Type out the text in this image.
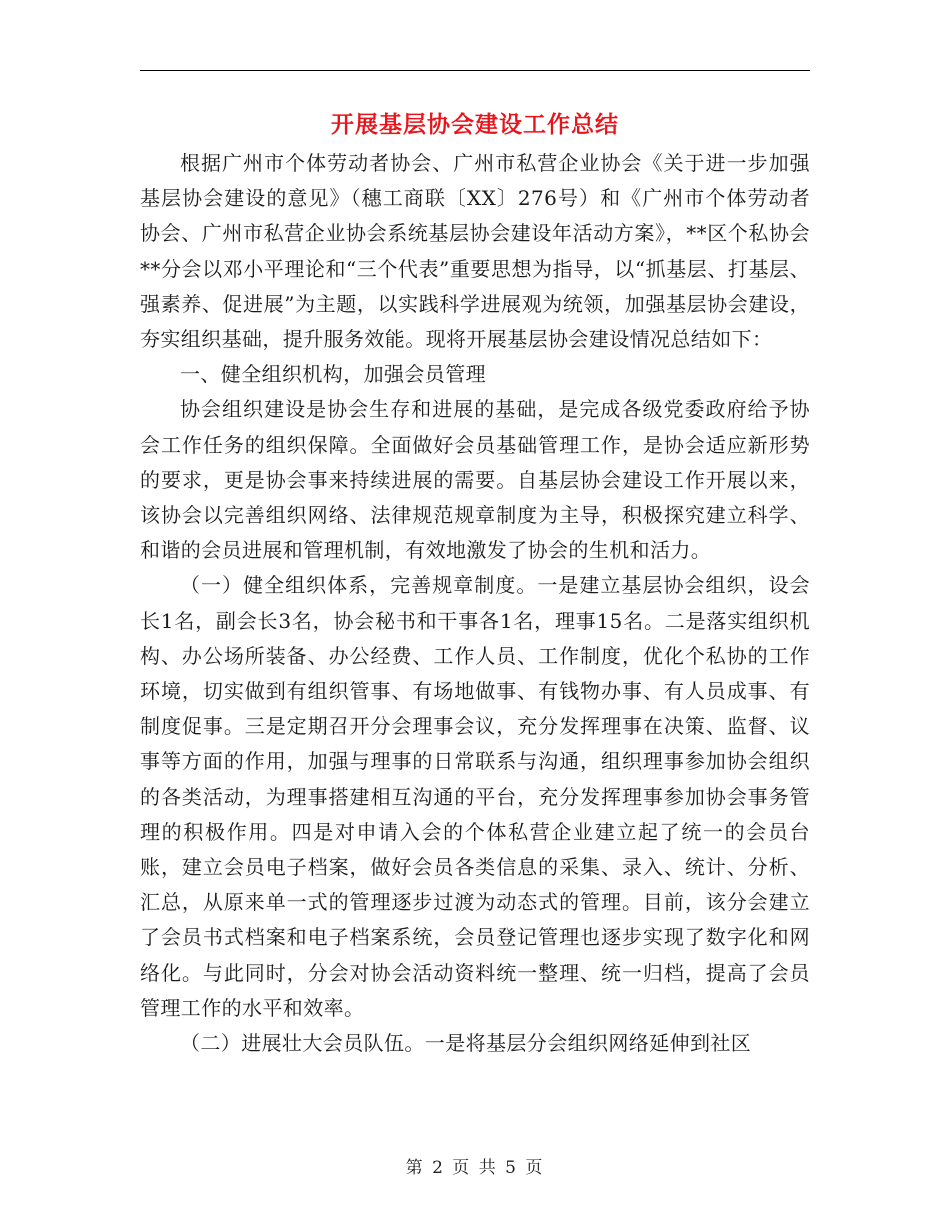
开展基层协会建设工作总结

根据广州市个体劳动者协会、广州市私营企业协会《关于进一步加强基层协会建设的意见》（穗工商联〔XX〕276号）和《广州市个体劳动者协会、广州市私营企业协会系统基层协会建设年活动方案》，**区个私协会**分会以邓小平理论和“三个代表”重要思想为指导，以“抓基层、打基层、强素养、促进展”为主题，以实践科学进展观为统领，加强基层协会建设，夯实组织基础，提升服务效能。现将开展基层协会建设情况总结如下：

一、健全组织机构，加强会员管理

协会组织建设是协会生存和进展的基础，是完成各级党委政府给予协会工作任务的组织保障。全面做好会员基础管理工作，是协会适应新形势的要求，更是协会事来持续进展的需要。自基层协会建设工作开展以来，该协会以完善组织网络、法律规范规章制度为主导，积极探究建立科学、和谐的会员进展和管理机制，有效地激发了协会的生机和活力。

（一）健全组织体系，完善规章制度。一是建立基层协会组织，设会长1名，副会长3名，协会秘书和干事各1名，理事15名。二是落实组织机构、办公场所装备、办公经费、工作人员、工作制度，优化个私协的工作环境，切实做到有组织管事、有场地做事、有钱物办事、有人员成事、有制度促事。三是定期召开分会理事会议，充分发挥理事在决策、监督、议事等方面的作用，加强与理事的日常联系与沟通，组织理事参加协会组织的各类活动，为理事搭建相互沟通的平台，充分发挥理事参加协会事务管理的积极作用。四是对申请入会的个体私营企业建立起了统一的会员台账，建立会员电子档案，做好会员各类信息的采集、录入、统计、分析、汇总，从原来单一式的管理逐步过渡为动态式的管理。目前，该分会建立了会员书式档案和电子档案系统，会员登记管理也逐步实现了数字化和网络化。与此同时，分会对协会活动资料统一整理、统一归档，提高了会员管理工作的水平和效率。

（二）进展壮大会员队伍。一是将基层分会组织网络延伸到社区

第 2 页 共 5 页
